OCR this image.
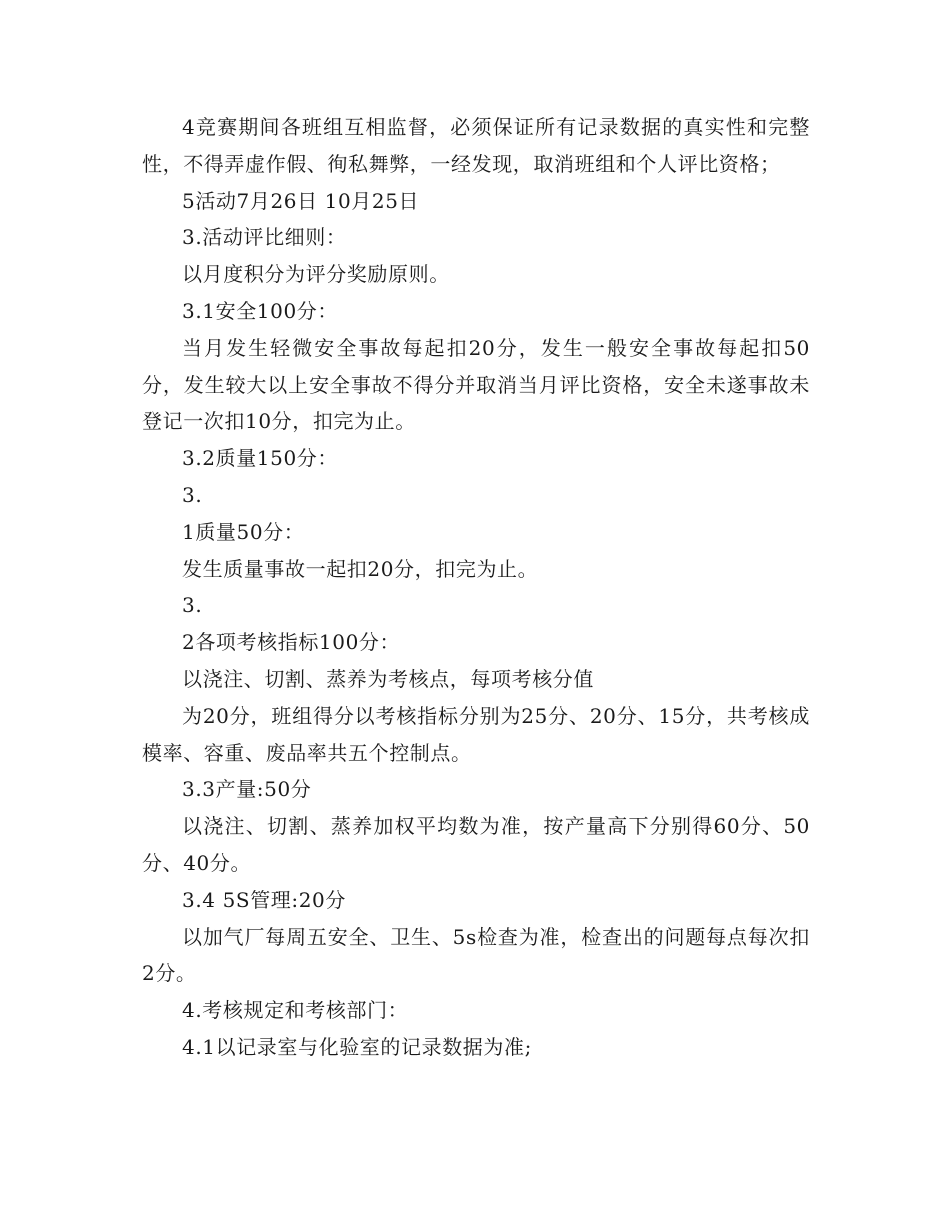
4竞赛期间各班组互相监督，必须保证所有记录数据的真实性和完整性，不得弄虚作假、徇私舞弊，一经发现，取消班组和个人评比资格；

5活动7月26日 10月25日

3.活动评比细则：

以月度积分为评分奖励原则。

3.1安全100分：

当月发生轻微安全事故每起扣20分，发生一般安全事故每起扣50分，发生较大以上安全事故不得分并取消当月评比资格，安全未遂事故未登记一次扣10分，扣完为止。

3.2质量150分：

3.

1质量50分：

发生质量事故一起扣20分，扣完为止。

3.

2各项考核指标100分：

以浇注、切割、蒸养为考核点，每项考核分值

为20分，班组得分以考核指标分别为25分、20分、15分，共考核成模率、容重、废品率共五个控制点。

3.3产量:50分

以浇注、切割、蒸养加权平均数为准，按产量高下分别得60分、50分、40分。

3.4 5S管理:20分

以加气厂每周五安全、卫生、5s检查为准，检查出的问题每点每次扣2分。

4.考核规定和考核部门：

4.1以记录室与化验室的记录数据为准;
